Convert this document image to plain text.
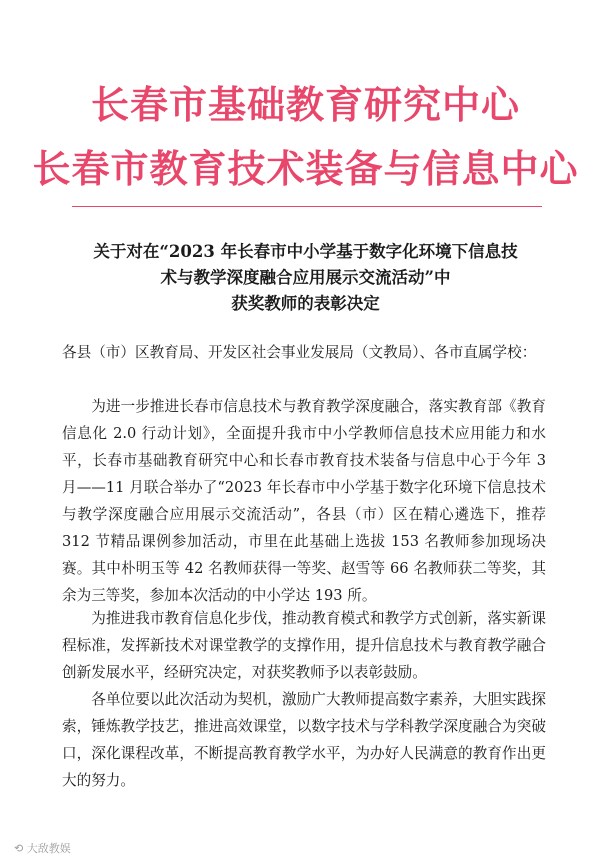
长春市基础教育研究中心
长春市教育技术装备与信息中心
关于对在“2023 年长春市中小学基于数字化环境下信息技
术与教学深度融合应用展示交流活动”中
获奖教师的表彰决定
各县（市）区教育局、开发区社会事业发展局（文教局）、各市直属学校：
为进一步推进长春市信息技术与教育教学深度融合，落实教育部《教育信息化 2.0 行动计划》，全面提升我市中小学教师信息技术应用能力和水平，长春市基础教育研究中心和长春市教育技术装备与信息中心于今年 3 月——11 月联合举办了“2023 年长春市中小学基于数字化环境下信息技术与教学深度融合应用展示交流活动”，各县（市）区在精心遴选下，推荐 312 节精品课例参加活动，市里在此基础上选拔 153 名教师参加现场决赛。其中朴明玉等 42 名教师获得一等奖、赵雪等 66 名教师获二等奖，其余为三等奖，参加本次活动的中小学达 193 所。
为推进我市教育信息化步伐，推动教育模式和教学方式创新，落实新课程标准，发挥新技术对课堂教学的支撑作用，提升信息技术与教育教学融合创新发展水平，经研究决定，对获奖教师予以表彰鼓励。
各单位要以此次活动为契机，激励广大教师提高数字素养，大胆实践探索，锤炼教学技艺，推进高效课堂，以数字技术与学科教学深度融合为突破口，深化课程改革，不断提高教育教学水平，为办好人民满意的教育作出更大的努力。
⟲ 大敌教娱
